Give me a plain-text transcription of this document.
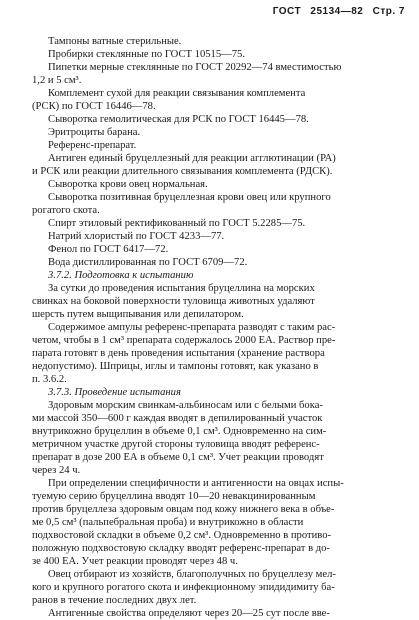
ГОСТ 25134—82 Стр. 7
Тампоны ватные стерильные.
Пробирки стеклянные по ГОСТ 10515—75.
Пипетки мерные стеклянные по ГОСТ 20292—74 вместимостью
1,2 и 5 см³.
Комплемент сухой для реакции связывания комплемента
(РСК) по ГОСТ 16446—78.
Сыворотка гемолитическая для РСК по ГОСТ 16445—78.
Эритроциты барана.
Референс-препарат.
Антиген единый бруцеллезный для реакции агглютинации (РА)
и РСК или реакции длительного связывания комплемента (РДСК).
Сыворотка крови овец нормальная.
Сыворотка позитивная бруцеллезная крови овец или крупного
рогатого скота.
Спирт этиловый ректификованный по ГОСТ 5.2285—75.
Натрий хлористый по ГОСТ 4233—77.
Фенол по ГОСТ 6417—72.
Вода дистиллированная по ГОСТ 6709—72.
3.7.2. Подготовка к испытанию
За сутки до проведения испытания бруцеллина на морских
свинках на боковой поверхности туловища животных удаляют
шерсть путем выщипывания или депилатором.
Содержимое ампулы референс-препарата разводят с таким рас-
четом, чтобы в 1 см³ препарата содержалось 2000 ЕА. Раствор пре-
парата готовят в день проведения испытания (хранение раствора
недопустимо). Шприцы, иглы и тампоны готовят, как указано в
п. 3.6.2.
3.7.3. Проведение испытания
Здоровым морским свинкам-альбиносам или с белыми бока-
ми массой 350—600 г каждая вводят в депилированный участок
внутрикожно бруцеллин в объеме 0,1 см³. Одновременно на сим-
метричном участке другой стороны туловища вводят референс-
препарат в дозе 200 ЕА в объеме 0,1 см³. Учет реакции проводят
через 24 ч.
При определении специфичности и антигенности на овцах испы-
туемую серию бруцеллина вводят 10—20 невакцинированным
против бруцеллеза здоровым овцам под кожу нижнего века в объе-
ме 0,5 см³ (пальпебральная проба) и внутрикожно в области
подхвостовой складки в объеме 0,2 см³. Одновременно в противо-
положную подхвостовую складку вводят референс-препарат в до-
зе 400 ЕА. Учет реакции проводят через 48 ч.
Овец отбирают из хозяйств, благополучных по бруцеллезу мел-
кого и крупного рогатого скота и инфекционному эпидидимиту ба-
ранов в течение последних двух лет.
Антигенные свойства определяют через 20—25 сут после вве-
